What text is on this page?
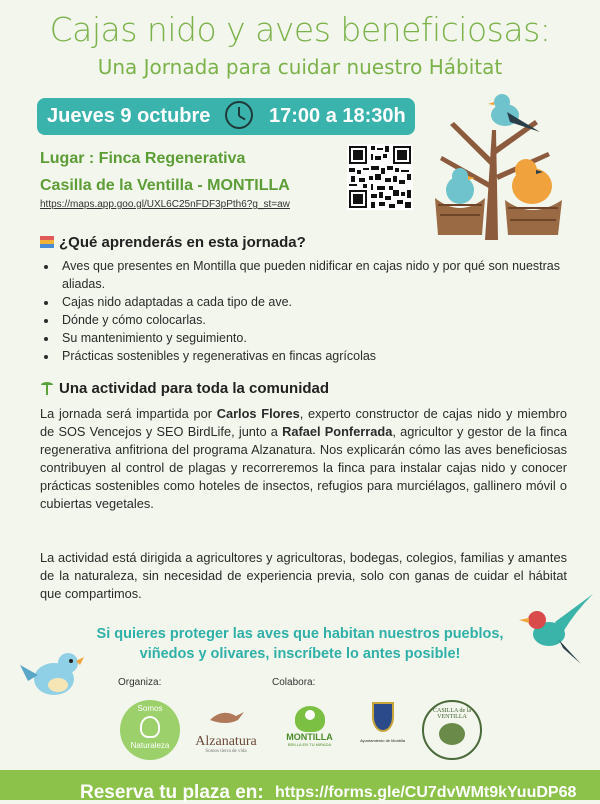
Cajas nido y aves beneficiosas:
Una Jornada para cuidar nuestro Hábitat
Jueves 9 octubre	17:00 a 18:30h
Lugar : Finca Regenerativa
Casilla de la Ventilla - MONTILLA
https://maps.app.goo.gl/UXL6C25nFDF3pPth6?g_st=aw
¿Qué aprenderás en esta jornada?
• Aves que presentes en Montilla que pueden nidificar en cajas nido y por qué son nuestras aliadas.
• Cajas nido adaptadas a cada tipo de ave.
• Dónde y cómo colocarlas.
• Su mantenimiento y seguimiento.
• Prácticas sostenibles y regenerativas en fincas agrícolas
Una actividad para toda la comunidad
La jornada será impartida por Carlos Flores, experto constructor de cajas nido y miembro de SOS Vencejos y SEO BirdLife, junto a Rafael Ponferrada, agricultor y gestor de la finca regenerativa anfitriona del programa Alzanatura. Nos explicarán cómo las aves beneficiosas contribuyen al control de plagas y recorreremos la finca para instalar cajas nido y conocer prácticas sostenibles como hoteles de insectos, refugios para murciélagos, gallinero móvil o cubiertas vegetales.
La actividad está dirigida a agricultores y agricultoras, bodegas, colegios, familias y amantes de la naturaleza, sin necesidad de experiencia previa, solo con ganas de cuidar el hábitat que compartimos.
Si quieres proteger las aves que habitan nuestros pueblos,
viñedos y olivares, inscríbete lo antes posible!
Organiza:	Colabora:
Somos
Naturaleza	Alzanatura
Somos tierra de vida
MONTILLA
BRILLA EN TU MIRADA
Ayuntamiento de Montilla
CASILLA de la VENTILLA
Reserva tu plaza en: https://forms.gle/CU7dvWMt9kYuuDP68
